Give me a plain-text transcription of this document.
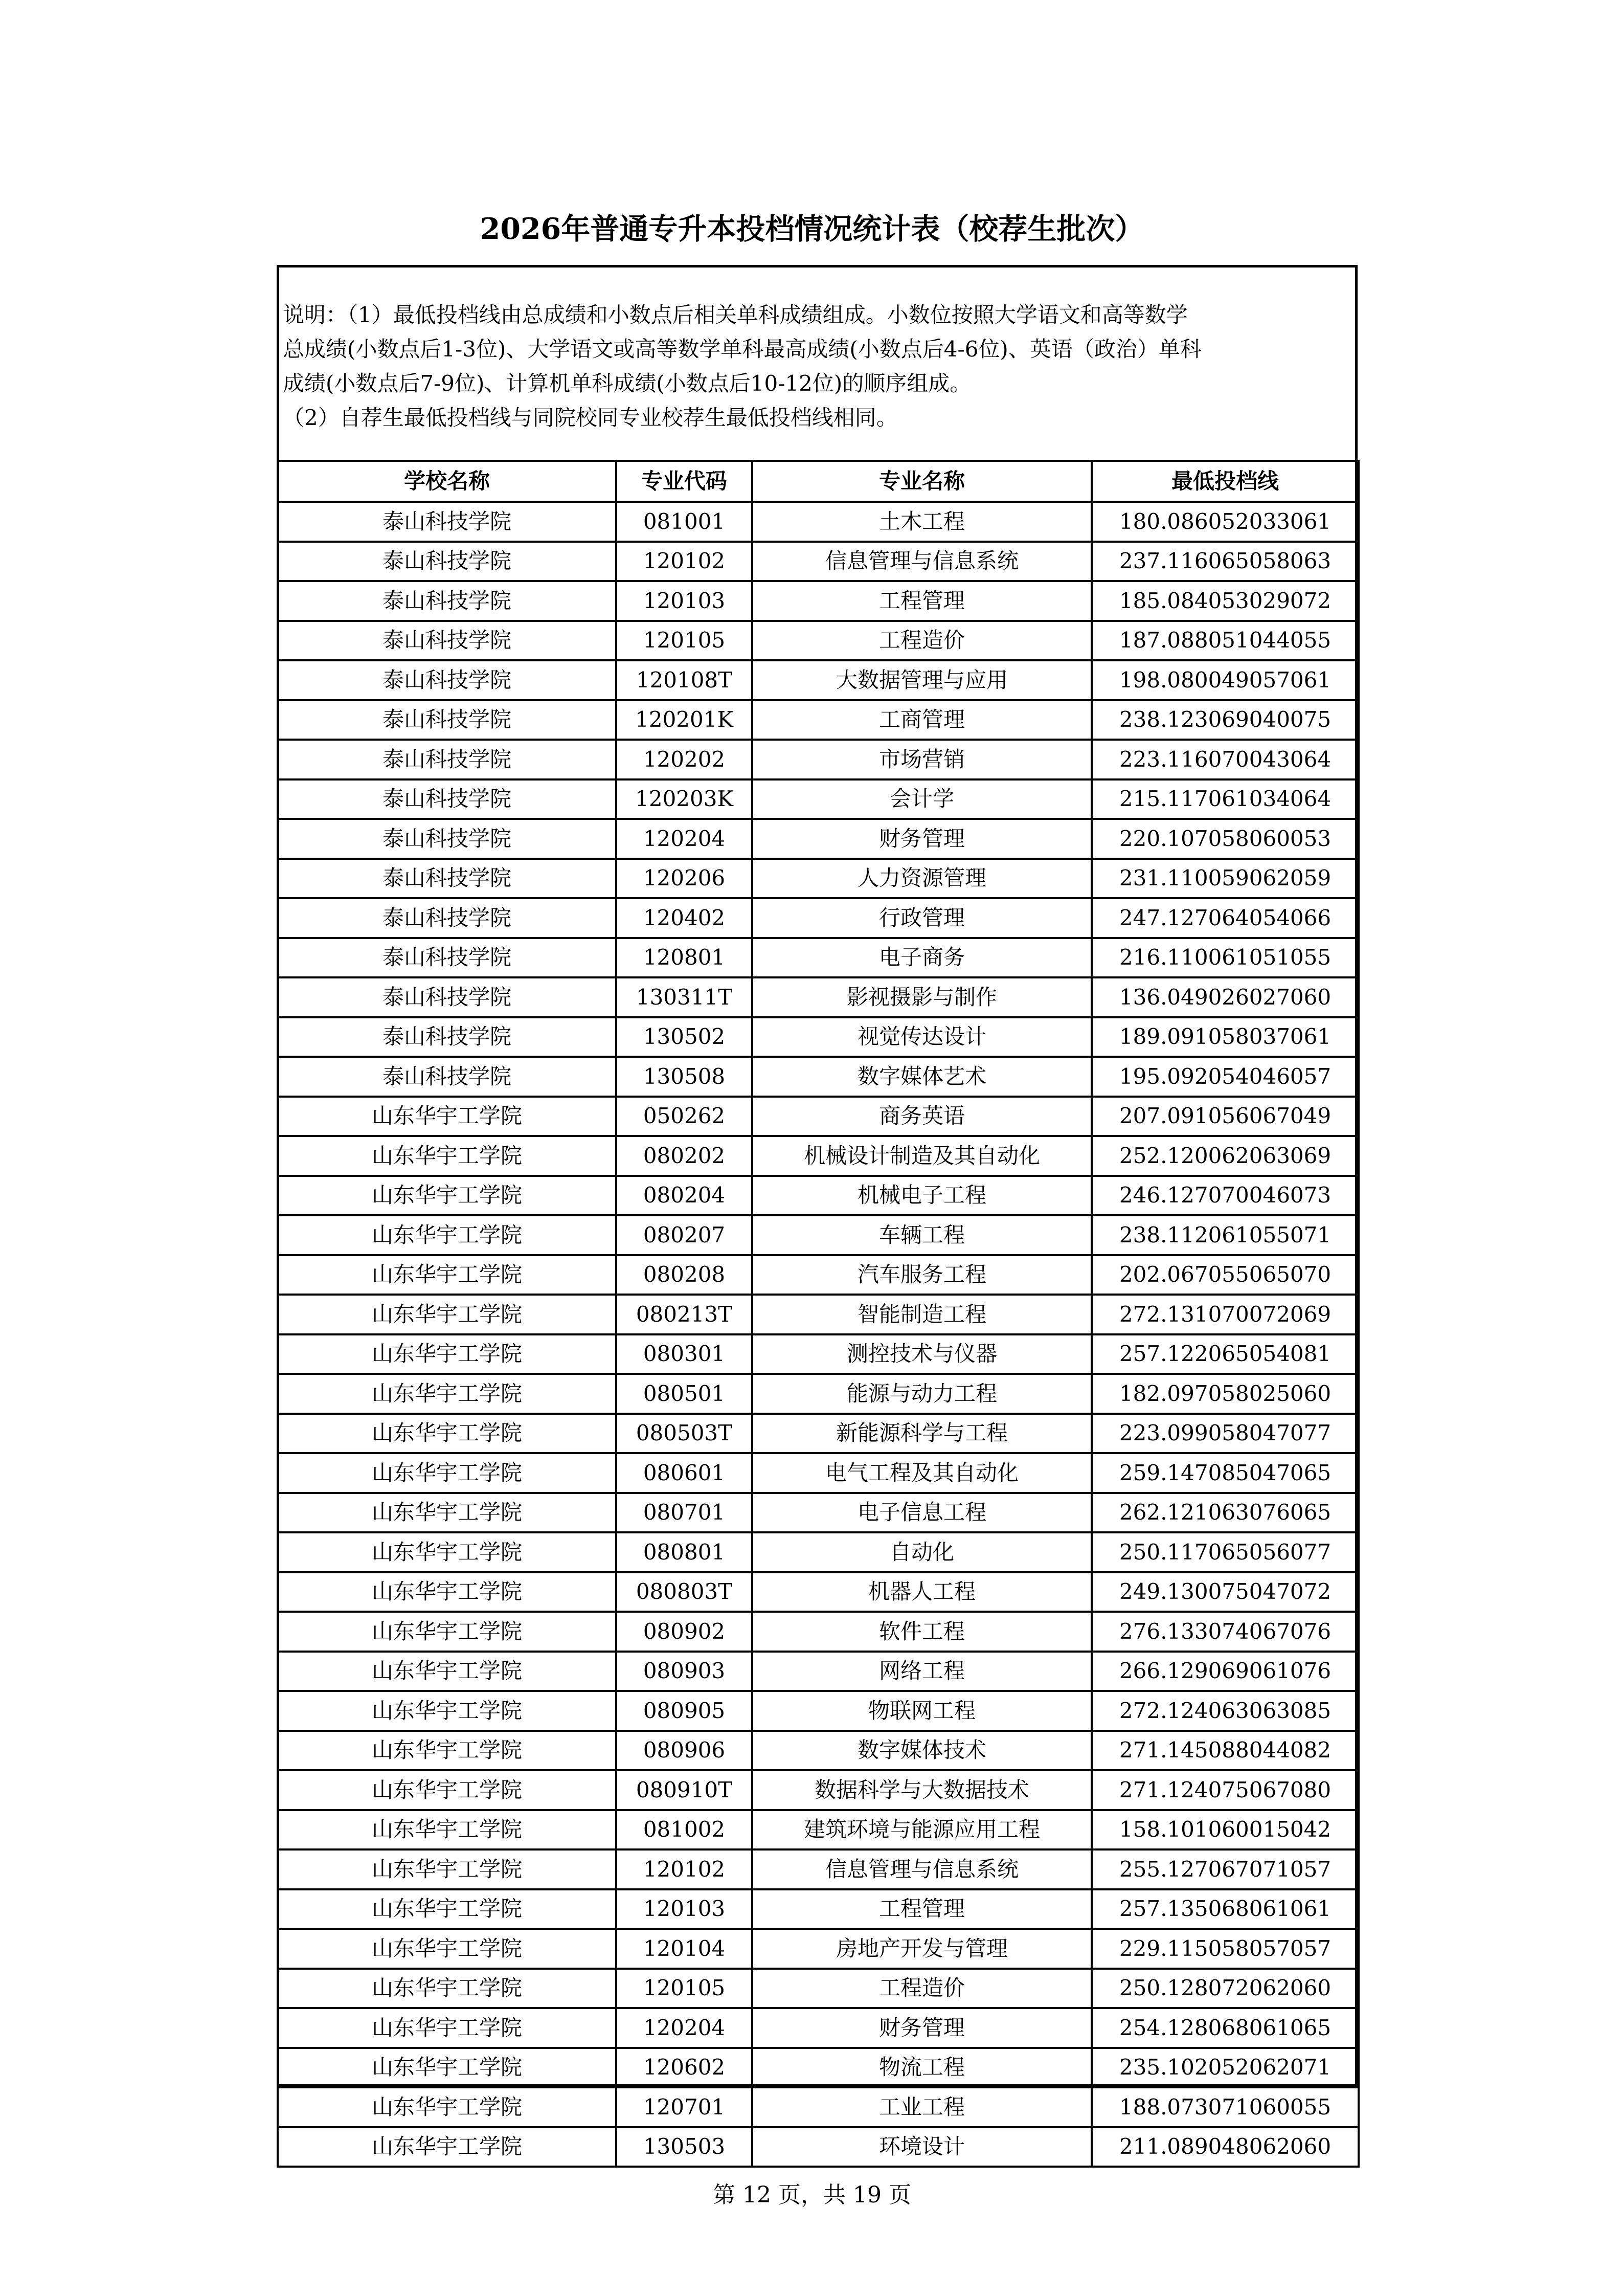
2026年普通专升本投档情况统计表（校荐生批次）

说明：（1）最低投档线由总成绩和小数点后相关单科成绩组成。小数位按照大学语文和高等数学

总成绩(小数点后1-3位)、大学语文或高等数学单科最高成绩(小数点后4-6位)、英语（政治）单科

成绩(小数点后7-9位)、计算机单科成绩(小数点后10-12位)的顺序组成。

（2）自荐生最低投档线与同院校同专业校荐生最低投档线相同。

学校名称	专业代码	专业名称	最低投档线
泰山科技学院	081001	土木工程	180.086052033061
泰山科技学院	120102	信息管理与信息系统	237.116065058063
泰山科技学院	120103	工程管理	185.084053029072
泰山科技学院	120105	工程造价	187.088051044055
泰山科技学院	120108T	大数据管理与应用	198.080049057061
泰山科技学院	120201K	工商管理	238.123069040075
泰山科技学院	120202	市场营销	223.116070043064
泰山科技学院	120203K	会计学	215.117061034064
泰山科技学院	120204	财务管理	220.107058060053
泰山科技学院	120206	人力资源管理	231.110059062059
泰山科技学院	120402	行政管理	247.127064054066
泰山科技学院	120801	电子商务	216.110061051055
泰山科技学院	130311T	影视摄影与制作	136.049026027060
泰山科技学院	130502	视觉传达设计	189.091058037061
泰山科技学院	130508	数字媒体艺术	195.092054046057
山东华宇工学院	050262	商务英语	207.091056067049
山东华宇工学院	080202	机械设计制造及其自动化	252.120062063069
山东华宇工学院	080204	机械电子工程	246.127070046073
山东华宇工学院	080207	车辆工程	238.112061055071
山东华宇工学院	080208	汽车服务工程	202.067055065070
山东华宇工学院	080213T	智能制造工程	272.131070072069
山东华宇工学院	080301	测控技术与仪器	257.122065054081
山东华宇工学院	080501	能源与动力工程	182.097058025060
山东华宇工学院	080503T	新能源科学与工程	223.099058047077
山东华宇工学院	080601	电气工程及其自动化	259.147085047065
山东华宇工学院	080701	电子信息工程	262.121063076065
山东华宇工学院	080801	自动化	250.117065056077
山东华宇工学院	080803T	机器人工程	249.130075047072
山东华宇工学院	080902	软件工程	276.133074067076
山东华宇工学院	080903	网络工程	266.129069061076
山东华宇工学院	080905	物联网工程	272.124063063085
山东华宇工学院	080906	数字媒体技术	271.145088044082
山东华宇工学院	080910T	数据科学与大数据技术	271.124075067080
山东华宇工学院	081002	建筑环境与能源应用工程	158.101060015042
山东华宇工学院	120102	信息管理与信息系统	255.127067071057
山东华宇工学院	120103	工程管理	257.135068061061
山东华宇工学院	120104	房地产开发与管理	229.115058057057
山东华宇工学院	120105	工程造价	250.128072062060
山东华宇工学院	120204	财务管理	254.128068061065
山东华宇工学院	120602	物流工程	235.102052062071
山东华宇工学院	120701	工业工程	188.073071060055
山东华宇工学院	130503	环境设计	211.089048062060
第 12 页，共 19 页
